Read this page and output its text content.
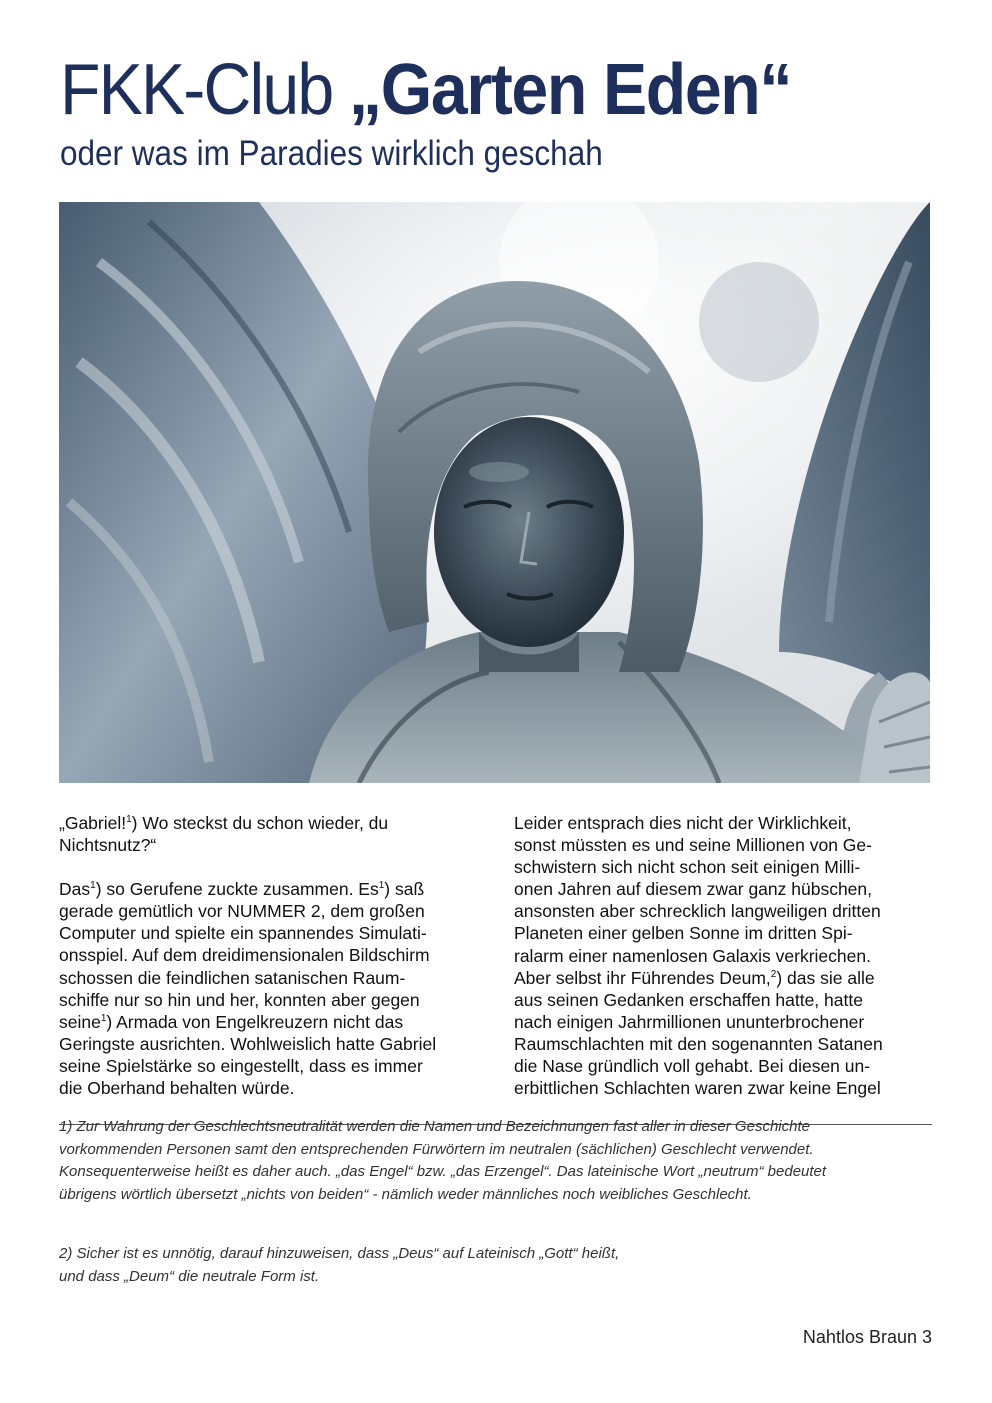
FKK-Club „Garten Eden“
oder was im Paradies wirklich geschah

„Gabriel!$^1$) Wo steckst du schon wieder, du
Nichtsnutz?“

Das$^1$) so Gerufene zuckte zusammen. Es$^1$) saß
gerade gemütlich vor NUMMER 2, dem großen
Computer und spielte ein spannendes Simulati-
onsspiel. Auf dem dreidimensionalen Bildschirm
schossen die feindlichen satanischen Raum-
schiffe nur so hin und her, konnten aber gegen
seine$^1$) Armada von Engelkreuzern nicht das
Geringste ausrichten. Wohlweislich hatte Gabriel
seine Spielstärke so eingestellt, dass es immer
die Oberhand behalten würde.

Leider entsprach dies nicht der Wirklichkeit,
sonst müssten es und seine Millionen von Ge-
schwistern sich nicht schon seit einigen Milli-
onen Jahren auf diesem zwar ganz hübschen,
ansonsten aber schrecklich langweiligen dritten
Planeten einer gelben Sonne im dritten Spi-
ralarm einer namenlosen Galaxis verkriechen.
Aber selbst ihr Führendes Deum,$^2$) das sie alle
aus seinen Gedanken erschaffen hatte, hatte
nach einigen Jahrmillionen ununterbrochener
Raumschlachten mit den sogenannten Satanen
die Nase gründlich voll gehabt. Bei diesen un-
erbittlichen Schlachten waren zwar keine Engel

1) Zur Wahrung der Geschlechtsneutralität werden die Namen und Bezeichnungen fast aller in dieser Geschichte
vorkommenden Personen samt den entsprechenden Fürwörtern im neutralen (sächlichen) Geschlecht verwendet.
Konsequenterweise heißt es daher auch. „das Engel“ bzw. „das Erzengel“. Das lateinische Wort „neutrum“ bedeutet
übrigens wörtlich übersetzt „nichts von beiden“ - nämlich weder männliches noch weibliches Geschlecht.

2) Sicher ist es unnötig, darauf hinzuweisen, dass „Deus“ auf Lateinisch „Gott“ heißt,
und dass „Deum“ die neutrale Form ist.

Nahtlos Braun 3
